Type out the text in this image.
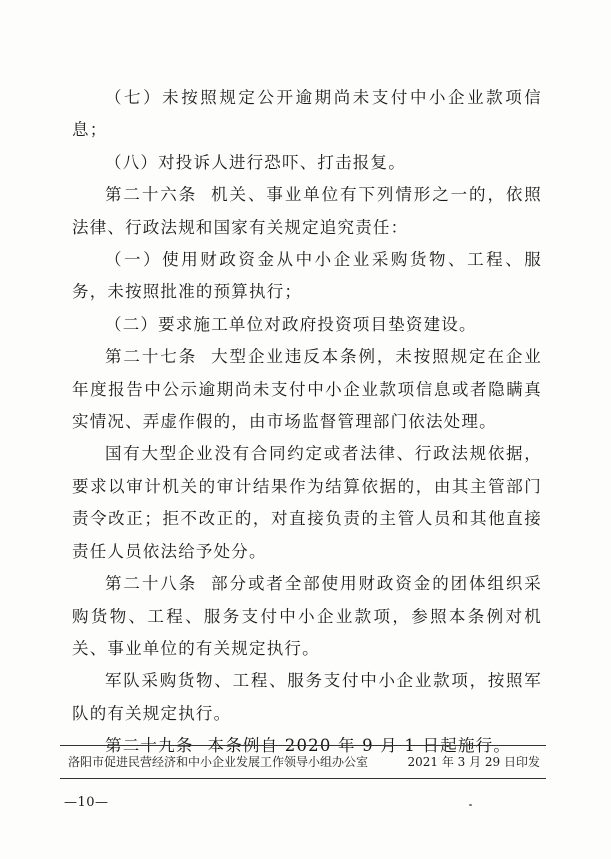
（七）未按照规定公开逾期尚未支付中小企业款项信息；

（八）对投诉人进行恐吓、打击报复。

第二十六条 机关、事业单位有下列情形之一的，依照法律、行政法规和国家有关规定追究责任：

（一）使用财政资金从中小企业采购货物、工程、服务，未按照批准的预算执行；

（二）要求施工单位对政府投资项目垫资建设。

第二十七条 大型企业违反本条例，未按照规定在企业年度报告中公示逾期尚未支付中小企业款项信息或者隐瞒真实情况、弄虚作假的，由市场监督管理部门依法处理。

国有大型企业没有合同约定或者法律、行政法规依据，要求以审计机关的审计结果作为结算依据的，由其主管部门责令改正；拒不改正的，对直接负责的主管人员和其他直接责任人员依法给予处分。

第二十八条 部分或者全部使用财政资金的团体组织采购货物、工程、服务支付中小企业款项，参照本条例对机关、事业单位的有关规定执行。

军队采购货物、工程、服务支付中小企业款项，按照军队的有关规定执行。

第二十九条 本条例自 2020 年 9 月 1 日起施行。

洛阳市促进民营经济和中小企业发展工作领导小组办公室	2021 年 3 月 29 日印发
—10—
